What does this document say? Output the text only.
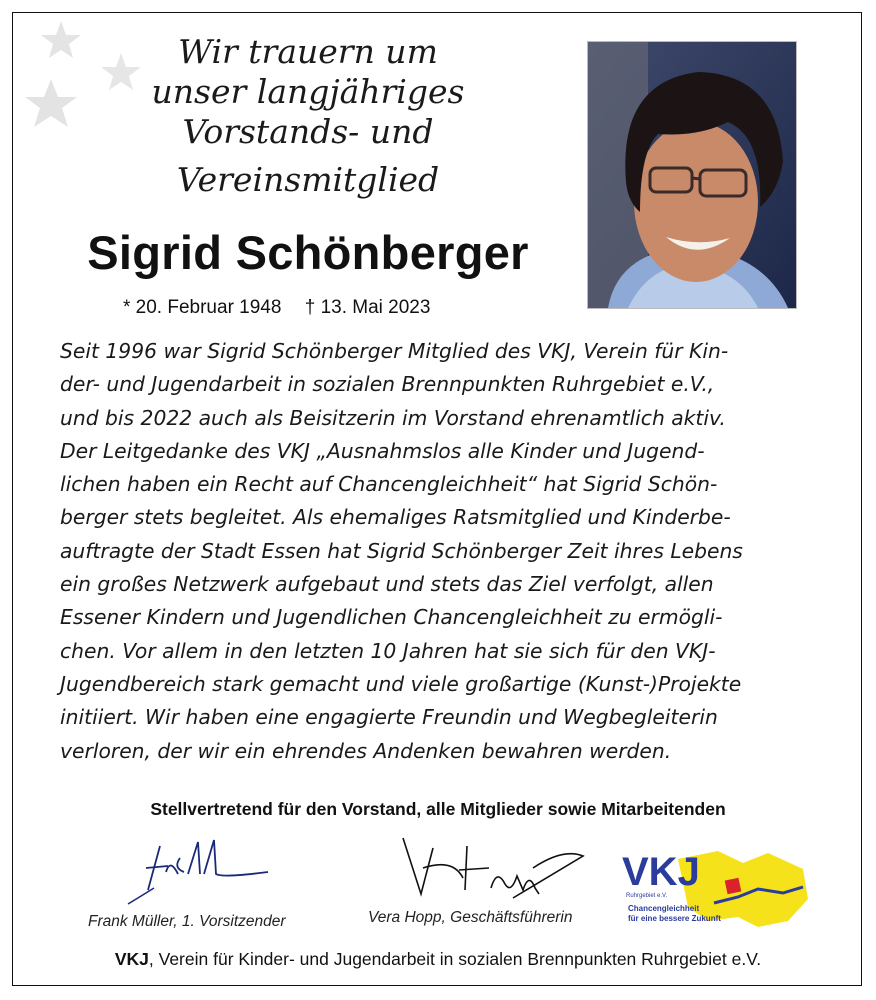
Wir trauern um
unser langjähriges
Vorstands- und
Vereinsmitglied
Sigrid Schönberger
* 20. Februar 1948 † 13. Mai 2023
Seit 1996 war Sigrid Schönberger Mitglied des VKJ, Verein für Kin-
der- und Jugendarbeit in sozialen Brennpunkten Ruhrgebiet e.V.,
und bis 2022 auch als Beisitzerin im Vorstand ehrenamtlich aktiv.
Der Leitgedanke des VKJ „Ausnahmslos alle Kinder und Jugend-
lichen haben ein Recht auf Chancengleichheit“ hat Sigrid Schön-
berger stets begleitet. Als ehemaliges Ratsmitglied und Kinderbe-
auftragte der Stadt Essen hat Sigrid Schönberger Zeit ihres Lebens
ein großes Netzwerk aufgebaut und stets das Ziel verfolgt, allen
Essener Kindern und Jugendlichen Chancengleichheit zu ermögli-
chen. Vor allem in den letzten 10 Jahren hat sie sich für den VKJ-
Jugendbereich stark gemacht und viele großartige (Kunst-)Projekte
initiiert. Wir haben eine engagierte Freundin und Wegbegleiterin
verloren, der wir ein ehrendes Andenken bewahren werden.
Stellvertretend für den Vorstand, alle Mitglieder sowie Mitarbeitenden
Frank Müller, 1. Vorsitzender	Vera Hopp, Geschäftsführerin
VKJ
Ruhrgebiet e.V.
Chancengleichheit
für eine bessere Zukunft
VKJ, Verein für Kinder- und Jugendarbeit in sozialen Brennpunkten Ruhrgebiet e.V.
